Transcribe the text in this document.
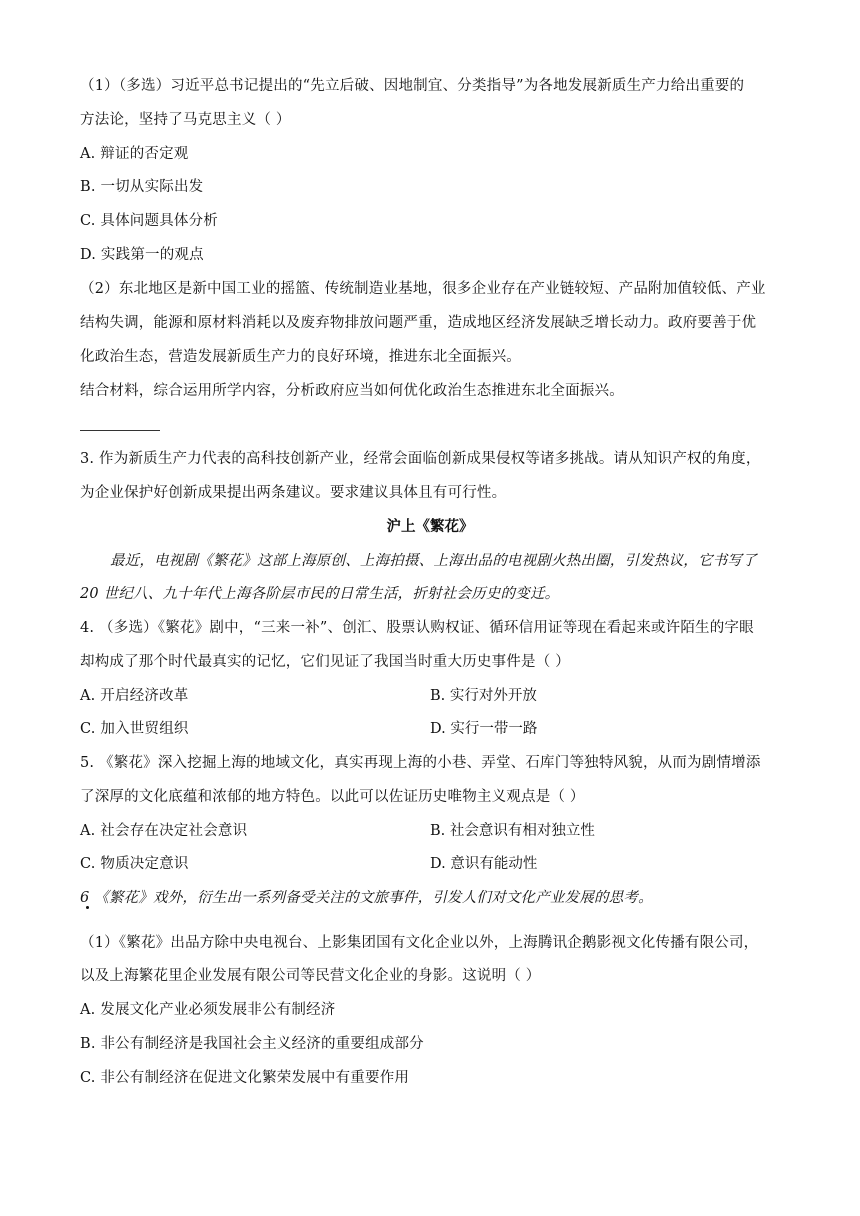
（1）（多选）习近平总书记提出的“先立后破、因地制宜、分类指导”为各地发展新质生产力给出重要的
方法论，坚持了马克思主义（ ）
A. 辩证的否定观
B. 一切从实际出发
C. 具体问题具体分析
D. 实践第一的观点
（2）东北地区是新中国工业的摇篮、传统制造业基地，很多企业存在产业链较短、产品附加值较低、产业
结构失调，能源和原材料消耗以及废弃物排放问题严重，造成地区经济发展缺乏增长动力。政府要善于优
化政治生态，营造发展新质生产力的良好环境，推进东北全面振兴。
结合材料，综合运用所学内容，分析政府应当如何优化政治生态推进东北全面振兴。
3. 作为新质生产力代表的高科技创新产业，经常会面临创新成果侵权等诸多挑战。请从知识产权的角度，
为企业保护好创新成果提出两条建议。要求建议具体且有可行性。
沪上《繁花》
最近，电视剧《繁花》这部上海原创、上海拍摄、上海出品的电视剧火热出圈，引发热议，它书写了
20 世纪八、九十年代上海各阶层市民的日常生活，折射社会历史的变迁。
4. （多选）《繁花》剧中，“三来一补”、创汇、股票认购权证、循环信用证等现在看起来或许陌生的字眼
却构成了那个时代最真实的记忆，它们见证了我国当时重大历史事件是（ ）
A. 开启经济改革	B. 实行对外开放
C. 加入世贸组织	D. 实行一带一路
5. 《繁花》深入挖掘上海的地域文化，真实再现上海的小巷、弄堂、石库门等独特风貌，从而为剧情增添
了深厚的文化底蕴和浓郁的地方特色。以此可以佐证历史唯物主义观点是（ ）
A. 社会存在决定社会意识	B. 社会意识有相对独立性
C. 物质决定意识	D. 意识有能动性
6 《繁花》戏外，衍生出一系列备受关注的文旅事件，引发人们对文化产业发展的思考。
（1）《繁花》出品方除中央电视台、上影集团国有文化企业以外，上海腾讯企鹅影视文化传播有限公司，
以及上海繁花里企业发展有限公司等民营文化企业的身影。这说明（ ）
A. 发展文化产业必须发展非公有制经济
B. 非公有制经济是我国社会主义经济的重要组成部分
C. 非公有制经济在促进文化繁荣发展中有重要作用
